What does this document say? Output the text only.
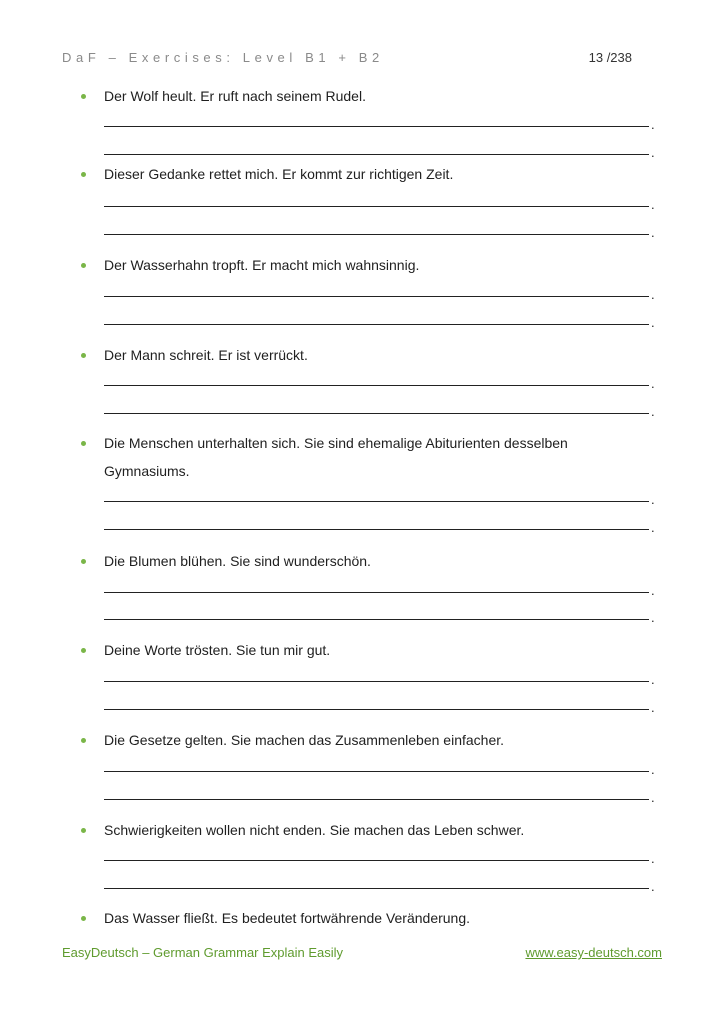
DaF – Exercises: Level B1 + B2	13 /238
Der Wolf heult. Er ruft nach seinem Rudel.
.
.
Dieser Gedanke rettet mich. Er kommt zur richtigen Zeit.
.
.
Der Wasserhahn tropft. Er macht mich wahnsinnig.
.
.
Der Mann schreit. Er ist verrückt.
.
.
Die Menschen unterhalten sich. Sie sind ehemalige Abiturienten desselben Gymnasiums.
.
.
Die Blumen blühen. Sie sind wunderschön.
.
.
Deine Worte trösten. Sie tun mir gut.
.
.
Die Gesetze gelten. Sie machen das Zusammenleben einfacher.
.
.
Schwierigkeiten wollen nicht enden. Sie machen das Leben schwer.
.
.
Das Wasser fließt. Es bedeutet fortwährende Veränderung.
EasyDeutsch – German Grammar Explain Easily	www.easy-deutsch.com
